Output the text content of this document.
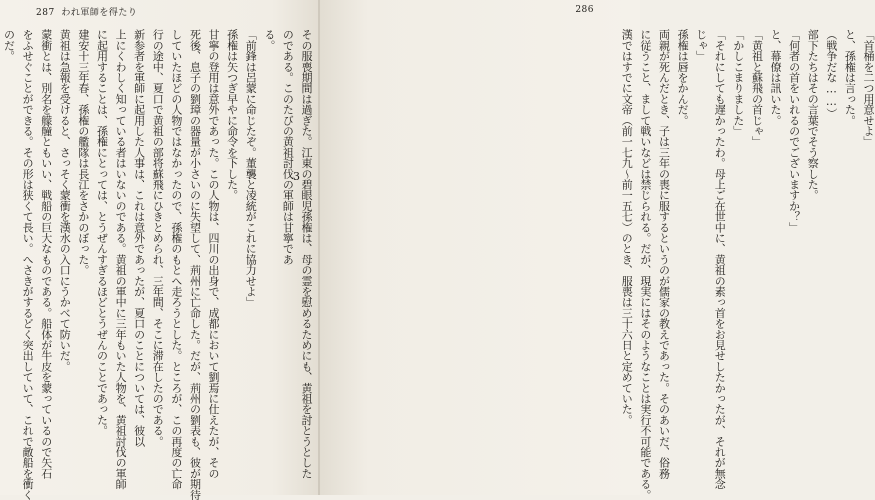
287 われ軍師を得たり
3 その服喪期間は過ぎた。江東の碧眼児孫権は、母の霊を慰めるためにも、黄祖を討とうとした
のである。このたびの黄祖討伐の軍師は甘寧であ
る。
「前鋒は呂蒙に命じたぞ。董襲と凌統がこれに協力せよ」
孫権は矢つぎ早やに命令を下した。
甘寧の登用は意外であった。この人物は、四川の出身で、成都において劉焉に仕えたが、その
死後、息子の劉璋の器量が小さいのに失望して、荊州に亡命した。だが、荊州の劉表も、彼が期待
していたほどの人物ではなかったので、孫権のもとへ走ろうとした。ところが、この再度の亡命
行の途中、夏口で黄祖の部将蘇飛にひきとめられ、三年間、そこに滞在したのである。
新参者を軍師に起用した人事は、これは意外であったが、夏口のことについては、彼以
上にくわしく知っている者はいないのである。黄祖の軍中に三年もいた人物を、黄祖討伐の軍師
に起用することは、孫権にとっては、とうぜんすぎるほどとうぜんのことであった。
建安十三年春、孫権の艦隊は長江をさかのぼった。
黄祖は急報を受けると、さっそく蒙衝を漢水の入口にうかべて防いだ。
蒙衝とは、別名を艨艟ともいい、戦船の巨大なものである。船体が牛皮を蒙っているので矢石
をふせぐことができる。その形は狭くて長い。へさきがするどく突出していて、これで敵船を衝く
のだ。
286
「首桶を二つ用意せよ」
と、孫権は言った。
（戦争だな……）
部下たちはその言葉でそう察した。
「何者の首をいれるのでございますか？」
と、幕僚は訊いた。
「黄祖と蘇飛の首じゃ」
「かしこまりました」
「それにしても遅かったわ。母上ご在世中に、黄祖の素っ首をお見せしたかったが、それが無念
じゃ」
孫権は唇をかんだ。
両親が死んだとき、子は三年の喪に服するというのが儒家の教えであった。そのあいだ、俗務
に従うこと、まして戦いなどは禁じられる。だが、現実にはそのようなことは実行不可能である。
漢ではすでに文帝（前一七九～前一五七）のとき、服喪は三十六日と定めていた。
